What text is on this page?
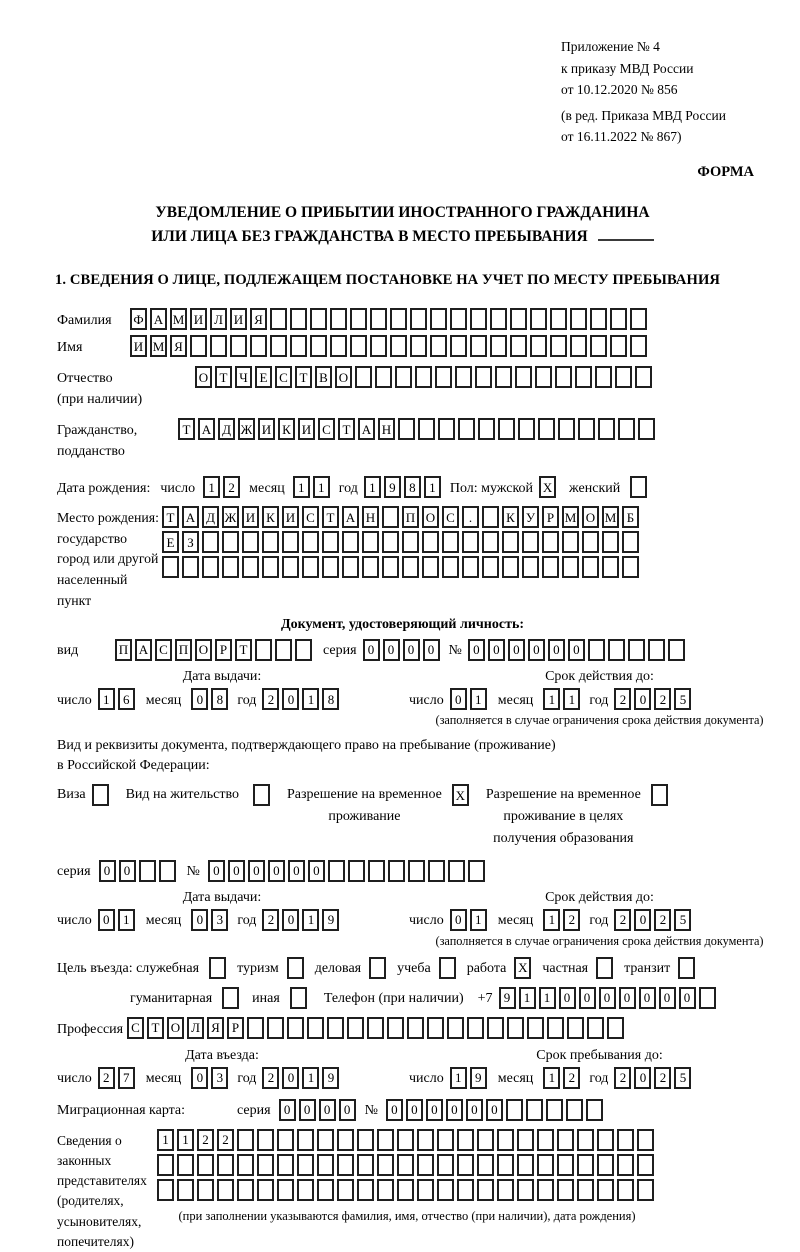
Приложение № 4
к приказу МВД России
от 10.12.2020 № 856
(в ред. Приказа МВД России
от 16.11.2022 № 867)
ФОРМА
УВЕДОМЛЕНИЕ О ПРИБЫТИИ ИНОСТРАННОГО ГРАЖДАНИНА
ИЛИ ЛИЦА БЕЗ ГРАЖДАНСТВА В МЕСТО ПРЕБЫВАНИЯ
1. СВЕДЕНИЯ О ЛИЦЕ, ПОДЛЕЖАЩЕМ ПОСТАНОВКЕ НА УЧЕТ ПО МЕСТУ ПРЕБЫВАНИЯ
Фамилия	Ф А М И Л И Я
Имя	И М Я
Отчество
(при наличии)
О Т Ч Е С Т В О
Гражданство,
подданство
Т А Д Ж И К И С Т А Н
Дата рождения: число	1	2	месяц	1	1	год 1	9	8	1	Пол: мужской X женский
Место рождения:
государство
город или другой
населенный пункт
Т А Д Ж И К И С Т А Н П О С	.	К У Р М О М Б
Е З
Документ, удостоверяющий личность:
вид	П А С П О Р Т	серия 0	0	0	0	№ 0	0	0	0	0	0
Дата выдачи:
число 1	6	месяц	0	8	год 2	0	1	8
Срок действия до:
число 0	1	месяц	1	1	год 2	0	2	5
(заполняется в случае ограничения срока действия документа)
Вид и реквизиты документа, подтверждающего право на пребывание (проживание)
в Российской Федерации:
Виза	Вид на жительство	Разрешение на временное
проживание
X Разрешение на временное
проживание в целях
получения образования
серия	0	0	№	0	0	0	0	0	0
Дата выдачи:
число 0	1	месяц	0	3	год 2	0	1	9
Срок действия до:
число 0	1	месяц	1	2	год 2	0	2	5
(заполняется в случае ограничения срока действия документа)
Цель въезда: служебная	туризм	деловая	учеба	работа X частная	транзит
гуманитарная	иная	Телефон (при наличии) +7 9	1	1	0	0	0	0	0	0	0
Профессия С Т О Л Я Р
Дата въезда:
число 2	7	месяц	0	3	год 2	0	1	9
Срок пребывания до:
число 1	9	месяц	1	2	год 2	0	2	5
Миграционная карта:	серия	0	0	0	0	№	0	0	0	0	0	0
Сведения о
законных
представителях
(родителях,
усыновителях,
попечителях)
1	1	2	2
(при заполнении указываются фамилия, имя, отчество (при наличии), дата рождения)
